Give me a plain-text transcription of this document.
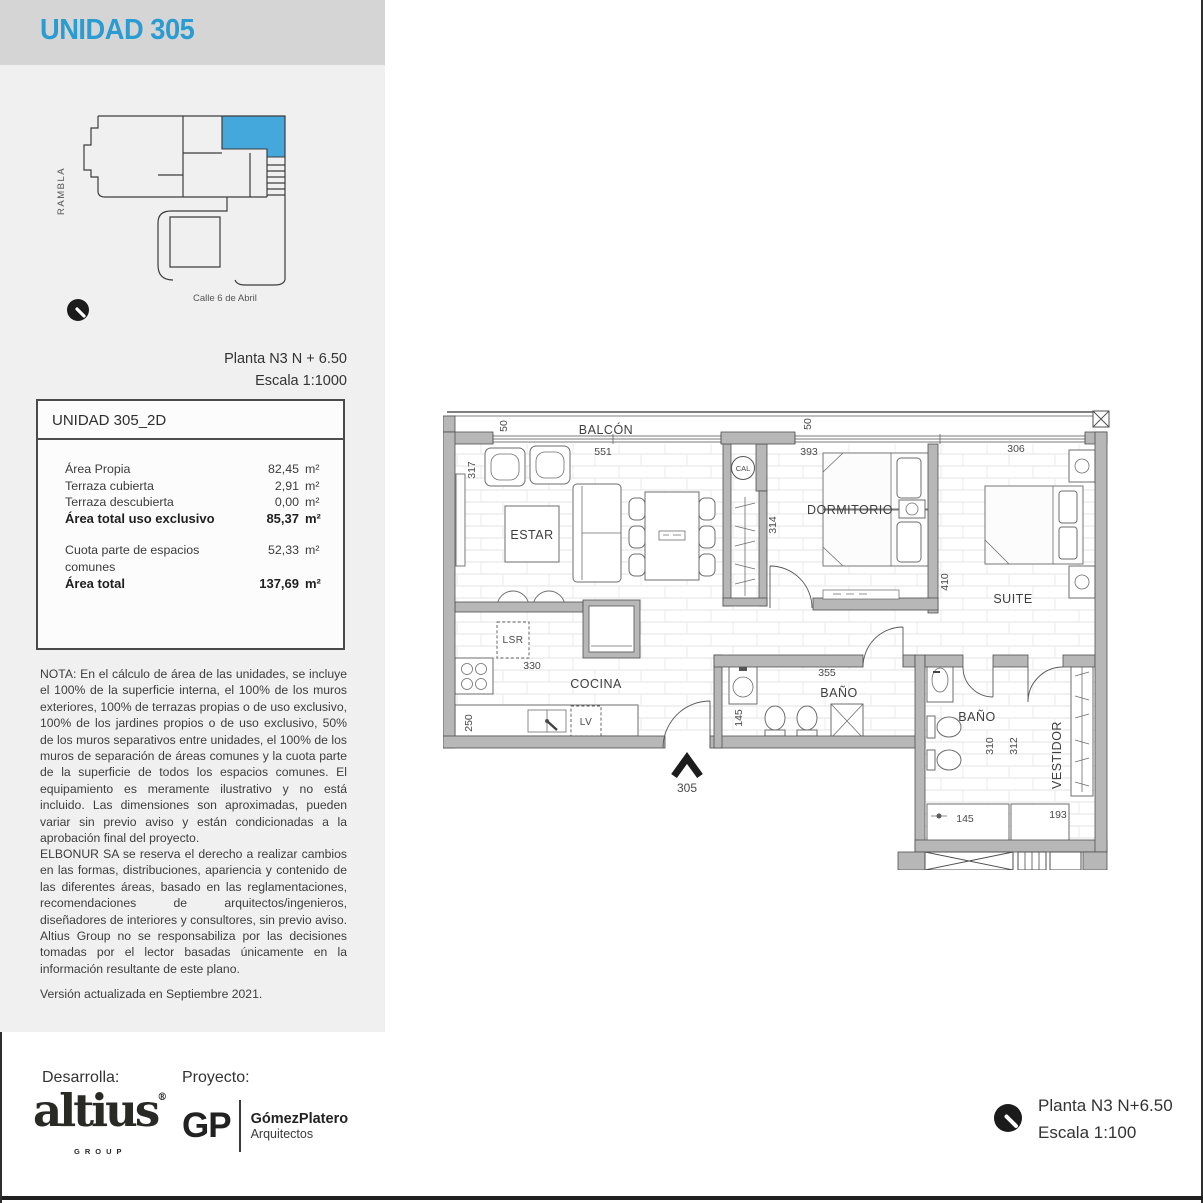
UNIDAD 305
RAMBLA
Calle 6 de Abril
Planta N3 N + 6.50
Escala 1:1000
UNIDAD 305_2D
Área Propia	82,45 m²
Terraza cubierta	2,91 m²
Terraza descubierta	0,00 m²
Área total uso exclusivo	85,37 m²
Cuota parte de espacios comunes
52,33 m²
Área total	137,69 m²
NOTA: En el cálculo de área de las unidades, se incluye el 100% de la superficie interna, el 100% de los muros exteriores, 100% de terrazas propias o de uso exclusivo, 100% de los jardines propios o de uso exclusivo, 50% de los muros separativos entre unidades, el 100% de los muros de separación de áreas comunes y la cuota parte de la superficie de todos los espacios comunes. El equipamiento es meramente ilustrativo y no está incluido. Las dimensiones son aproximadas, pueden variar sin previo aviso y están condicionadas a la aprobación final del proyecto.
ELBONUR SA se reserva el derecho a realizar cambios en las formas, distribuciones, apariencia y contenido de las diferentes áreas, basado en las reglamentaciones, recomendaciones de arquitectos/ingenieros, diseñadores de interiores y consultores, sin previo aviso. Altius Group no se responsabiliza por las decisiones tomadas por el lector basadas únicamente en la información resultante de este plano.
Versión actualizada en Septiembre 2021.
Desarrolla:
altius®
GROUP
Proyecto:
GP GómezPlatero
Arquitectos
BALCÓN
ESTAR
COCINA
DORMITORIO
SUITE
BAÑO
BAÑO
VESTIDOR
LSR
LV
CAL
305
50
551
50
393	306
317
314
410
330
250	145
355
310 312
145	193
Planta N3 N+6.50
Escala 1:100
